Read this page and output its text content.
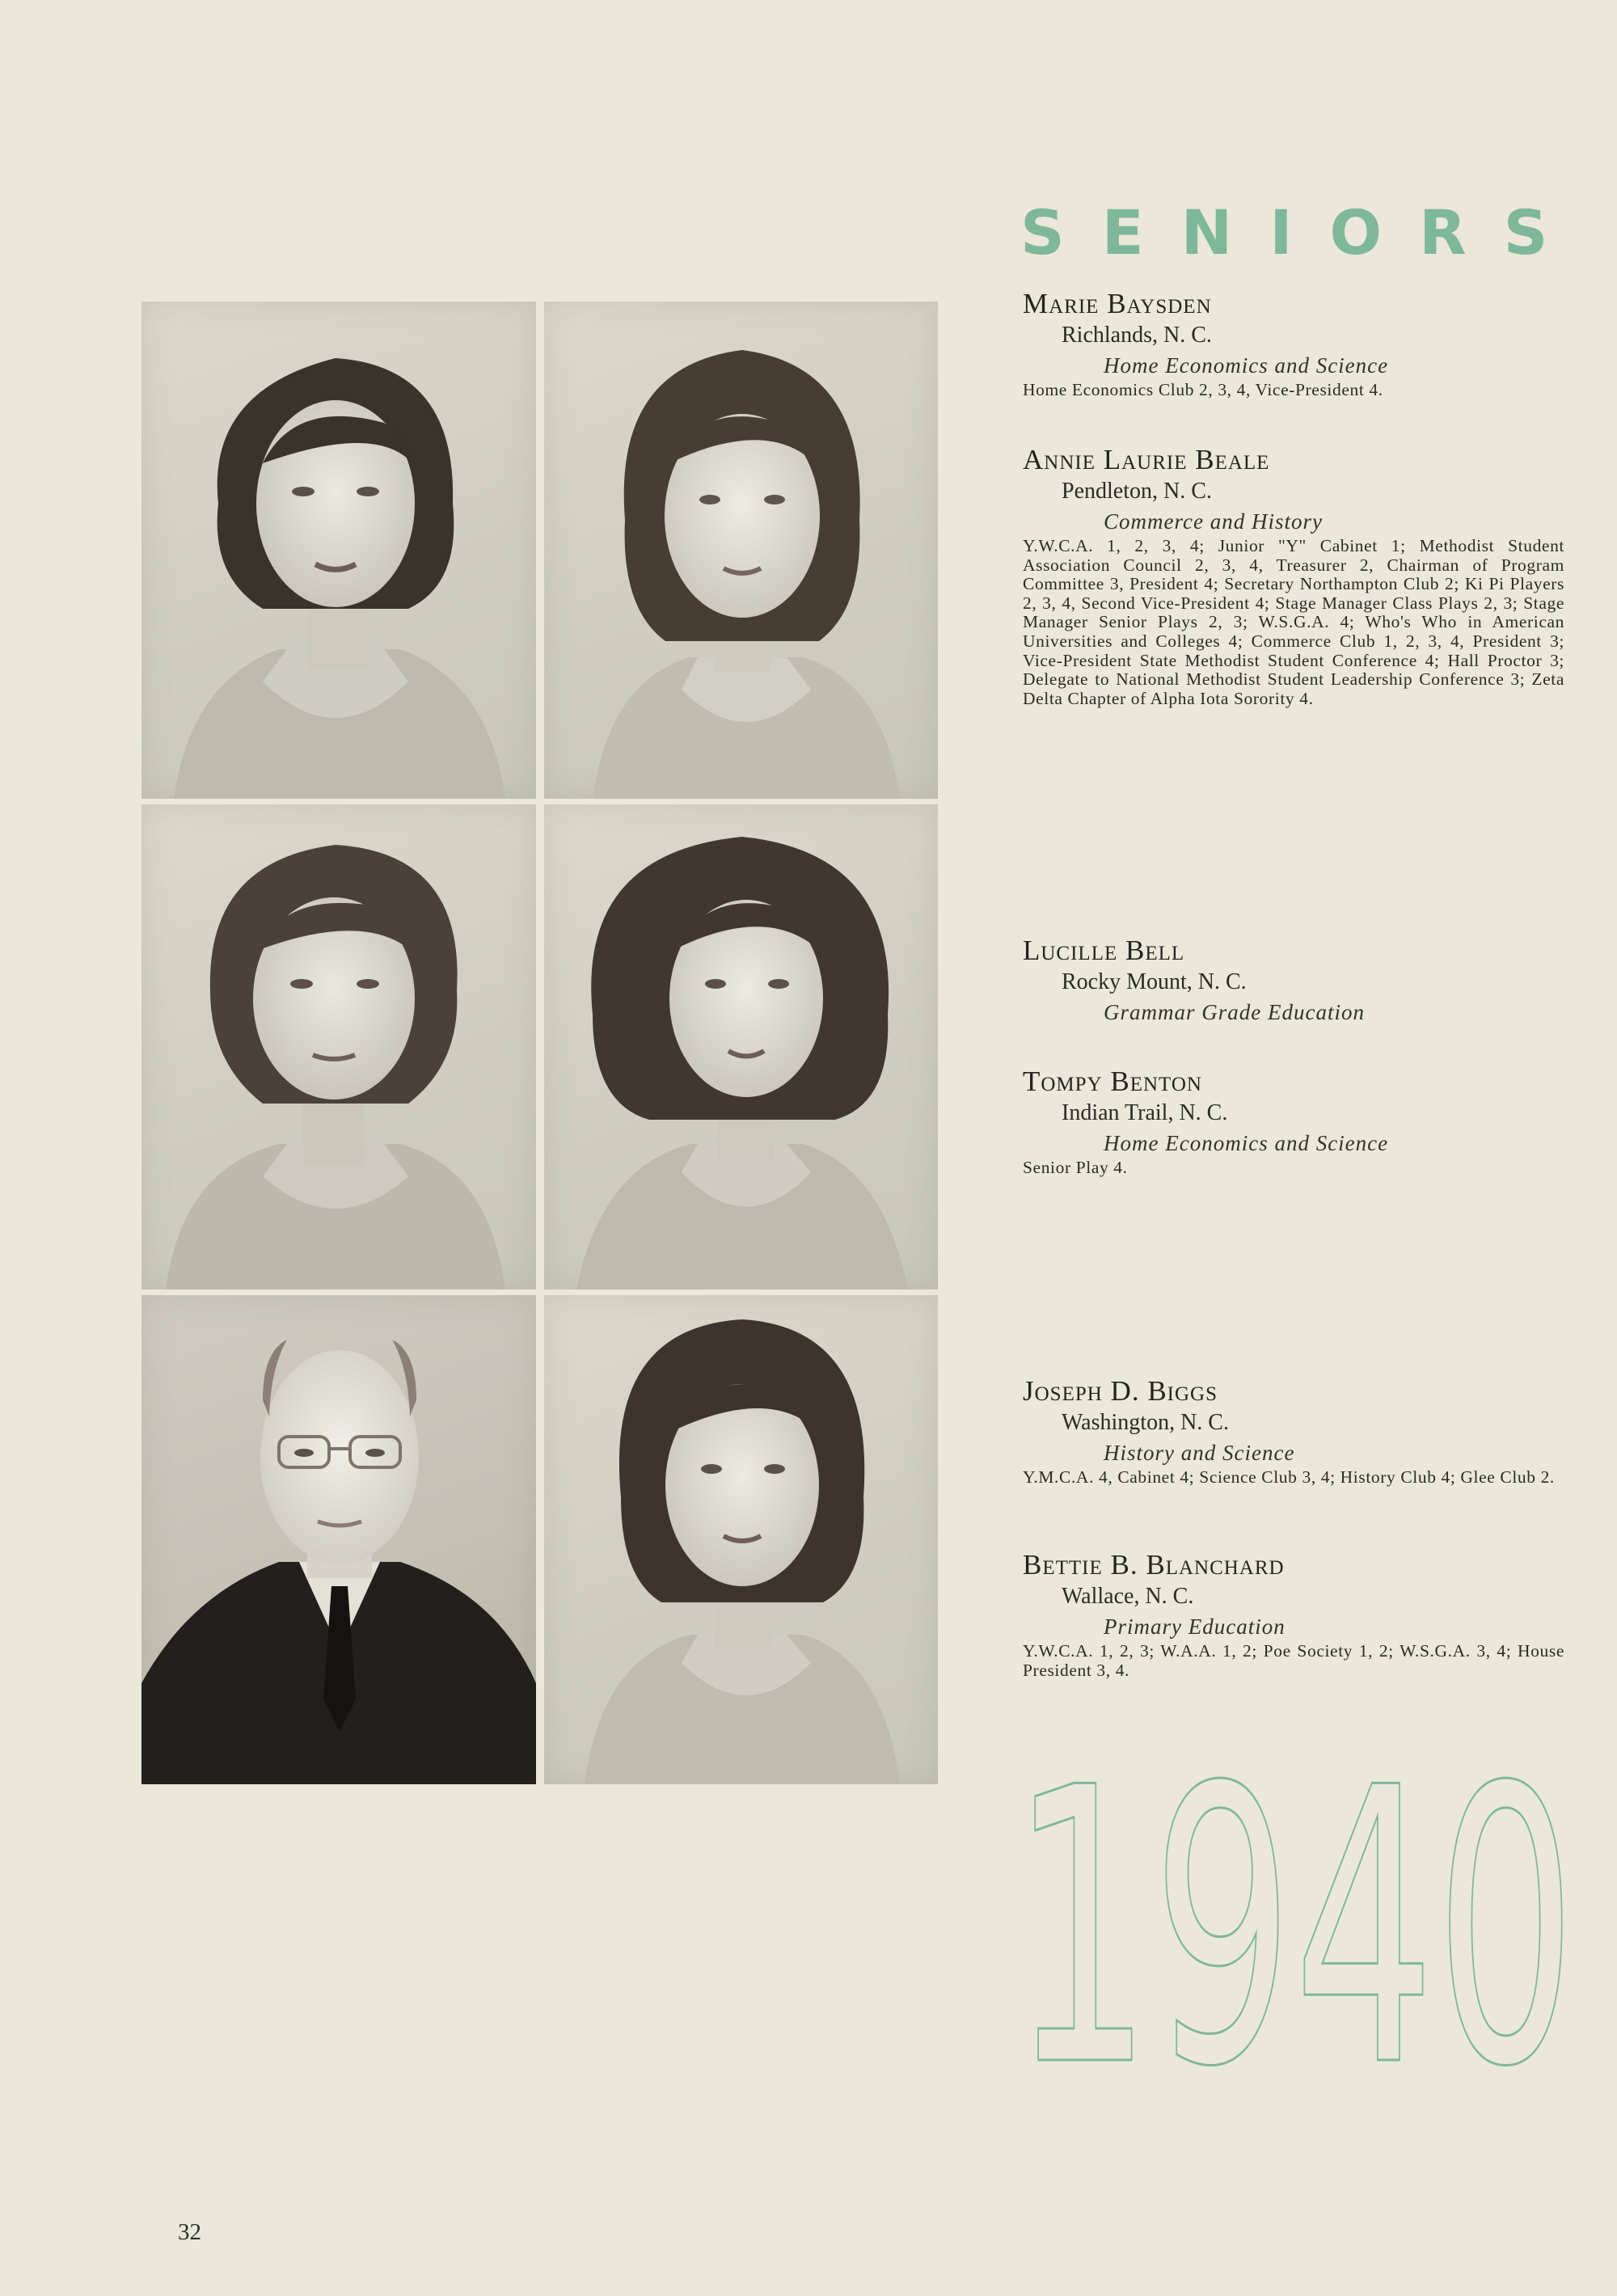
SENIORS

Marie Baysden

Richlands, N. C.

Home Economics and Science

Home Economics Club 2, 3, 4, Vice-President 4.

Annie Laurie Beale

Pendleton, N. C.

Commerce and History

Y.W.C.A. 1, 2, 3, 4; Junior "Y" Cabinet 1; Methodist Student Association Council 2, 3, 4, Treasurer 2, Chairman of Program Committee 3, President 4; Secretary Northampton Club 2; Ki Pi Players 2, 3, 4, Second Vice-President 4; Stage Manager Class Plays 2, 3; Stage Manager Senior Plays 2, 3; W.S.G.A. 4; Who's Who in American Universities and Colleges 4; Commerce Club 1, 2, 3, 4, President 3; Vice-President State Methodist Student Conference 4; Hall Proctor 3; Delegate to National Methodist Student Leadership Conference 3; Zeta Delta Chapter of Alpha Iota Sorority 4.

Lucille Bell

Rocky Mount, N. C.

Grammar Grade Education

Tompy Benton

Indian Trail, N. C.

Home Economics and Science

Senior Play 4.

Joseph D. Biggs

Washington, N. C.

History and Science

Y.M.C.A. 4, Cabinet 4; Science Club 3, 4; History Club 4; Glee Club 2.

Bettie B. Blanchard

Wallace, N. C.

Primary Education

Y.W.C.A. 1, 2, 3; W.A.A. 1, 2; Poe Society 1, 2; W.S.G.A. 3, 4; House President 3, 4.

1940

32
